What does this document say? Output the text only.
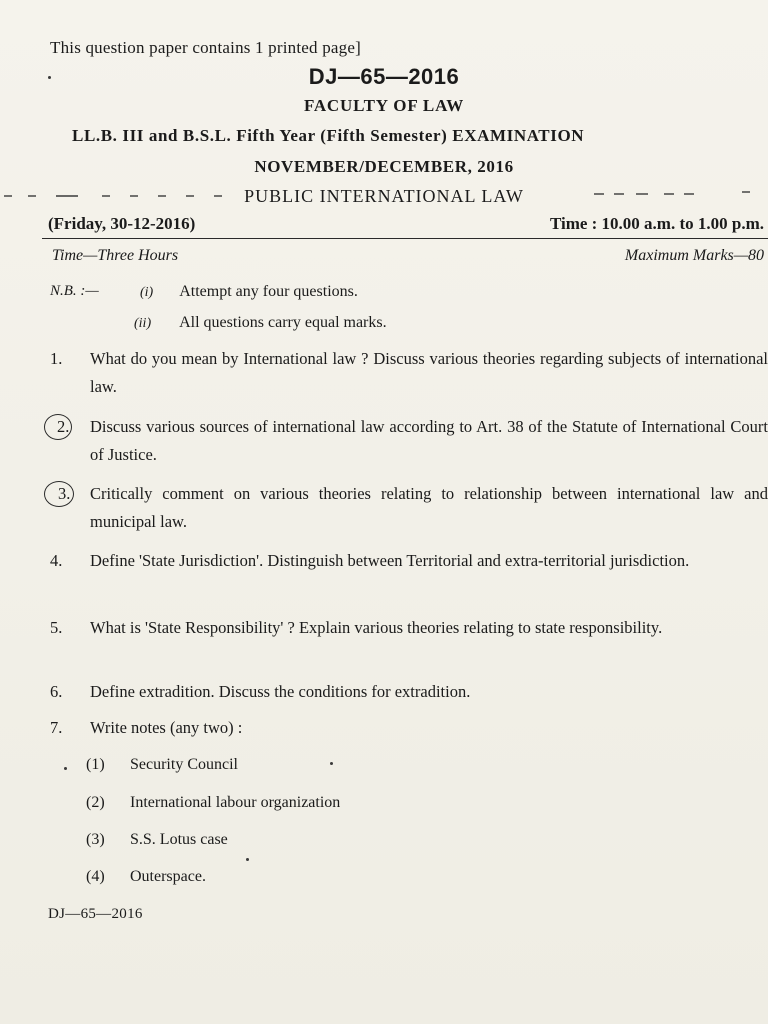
This question paper contains 1 printed page]
DJ—65—2016
FACULTY OF LAW
LL.B. III and B.S.L. Fifth Year (Fifth Semester) EXAMINATION
NOVEMBER/DECEMBER, 2016
PUBLIC INTERNATIONAL LAW
(Friday, 30-12-2016)	Time : 10.00 a.m. to 1.00 p.m.
Time—Three Hours	Maximum Marks—80
N.B. :—	(i) Attempt any four questions.
(ii) All questions carry equal marks.
1.	What do you mean by International law ? Discuss various theories regarding subjects of international law.
2.	Discuss various sources of international law according to Art. 38 of the Statute of International Court of Justice.
3.	Critically comment on various theories relating to relationship between international law and municipal law.
4.	Define 'State Jurisdiction'. Distinguish between Territorial and extra-territorial jurisdiction.
5.	What is 'State Responsibility' ? Explain various theories relating to state responsibility.
6.	Define extradition. Discuss the conditions for extradition.
7.	Write notes (any two) :
(1) Security Council
(2) International labour organization
(3) S.S. Lotus case
(4) Outerspace.
DJ—65—2016
